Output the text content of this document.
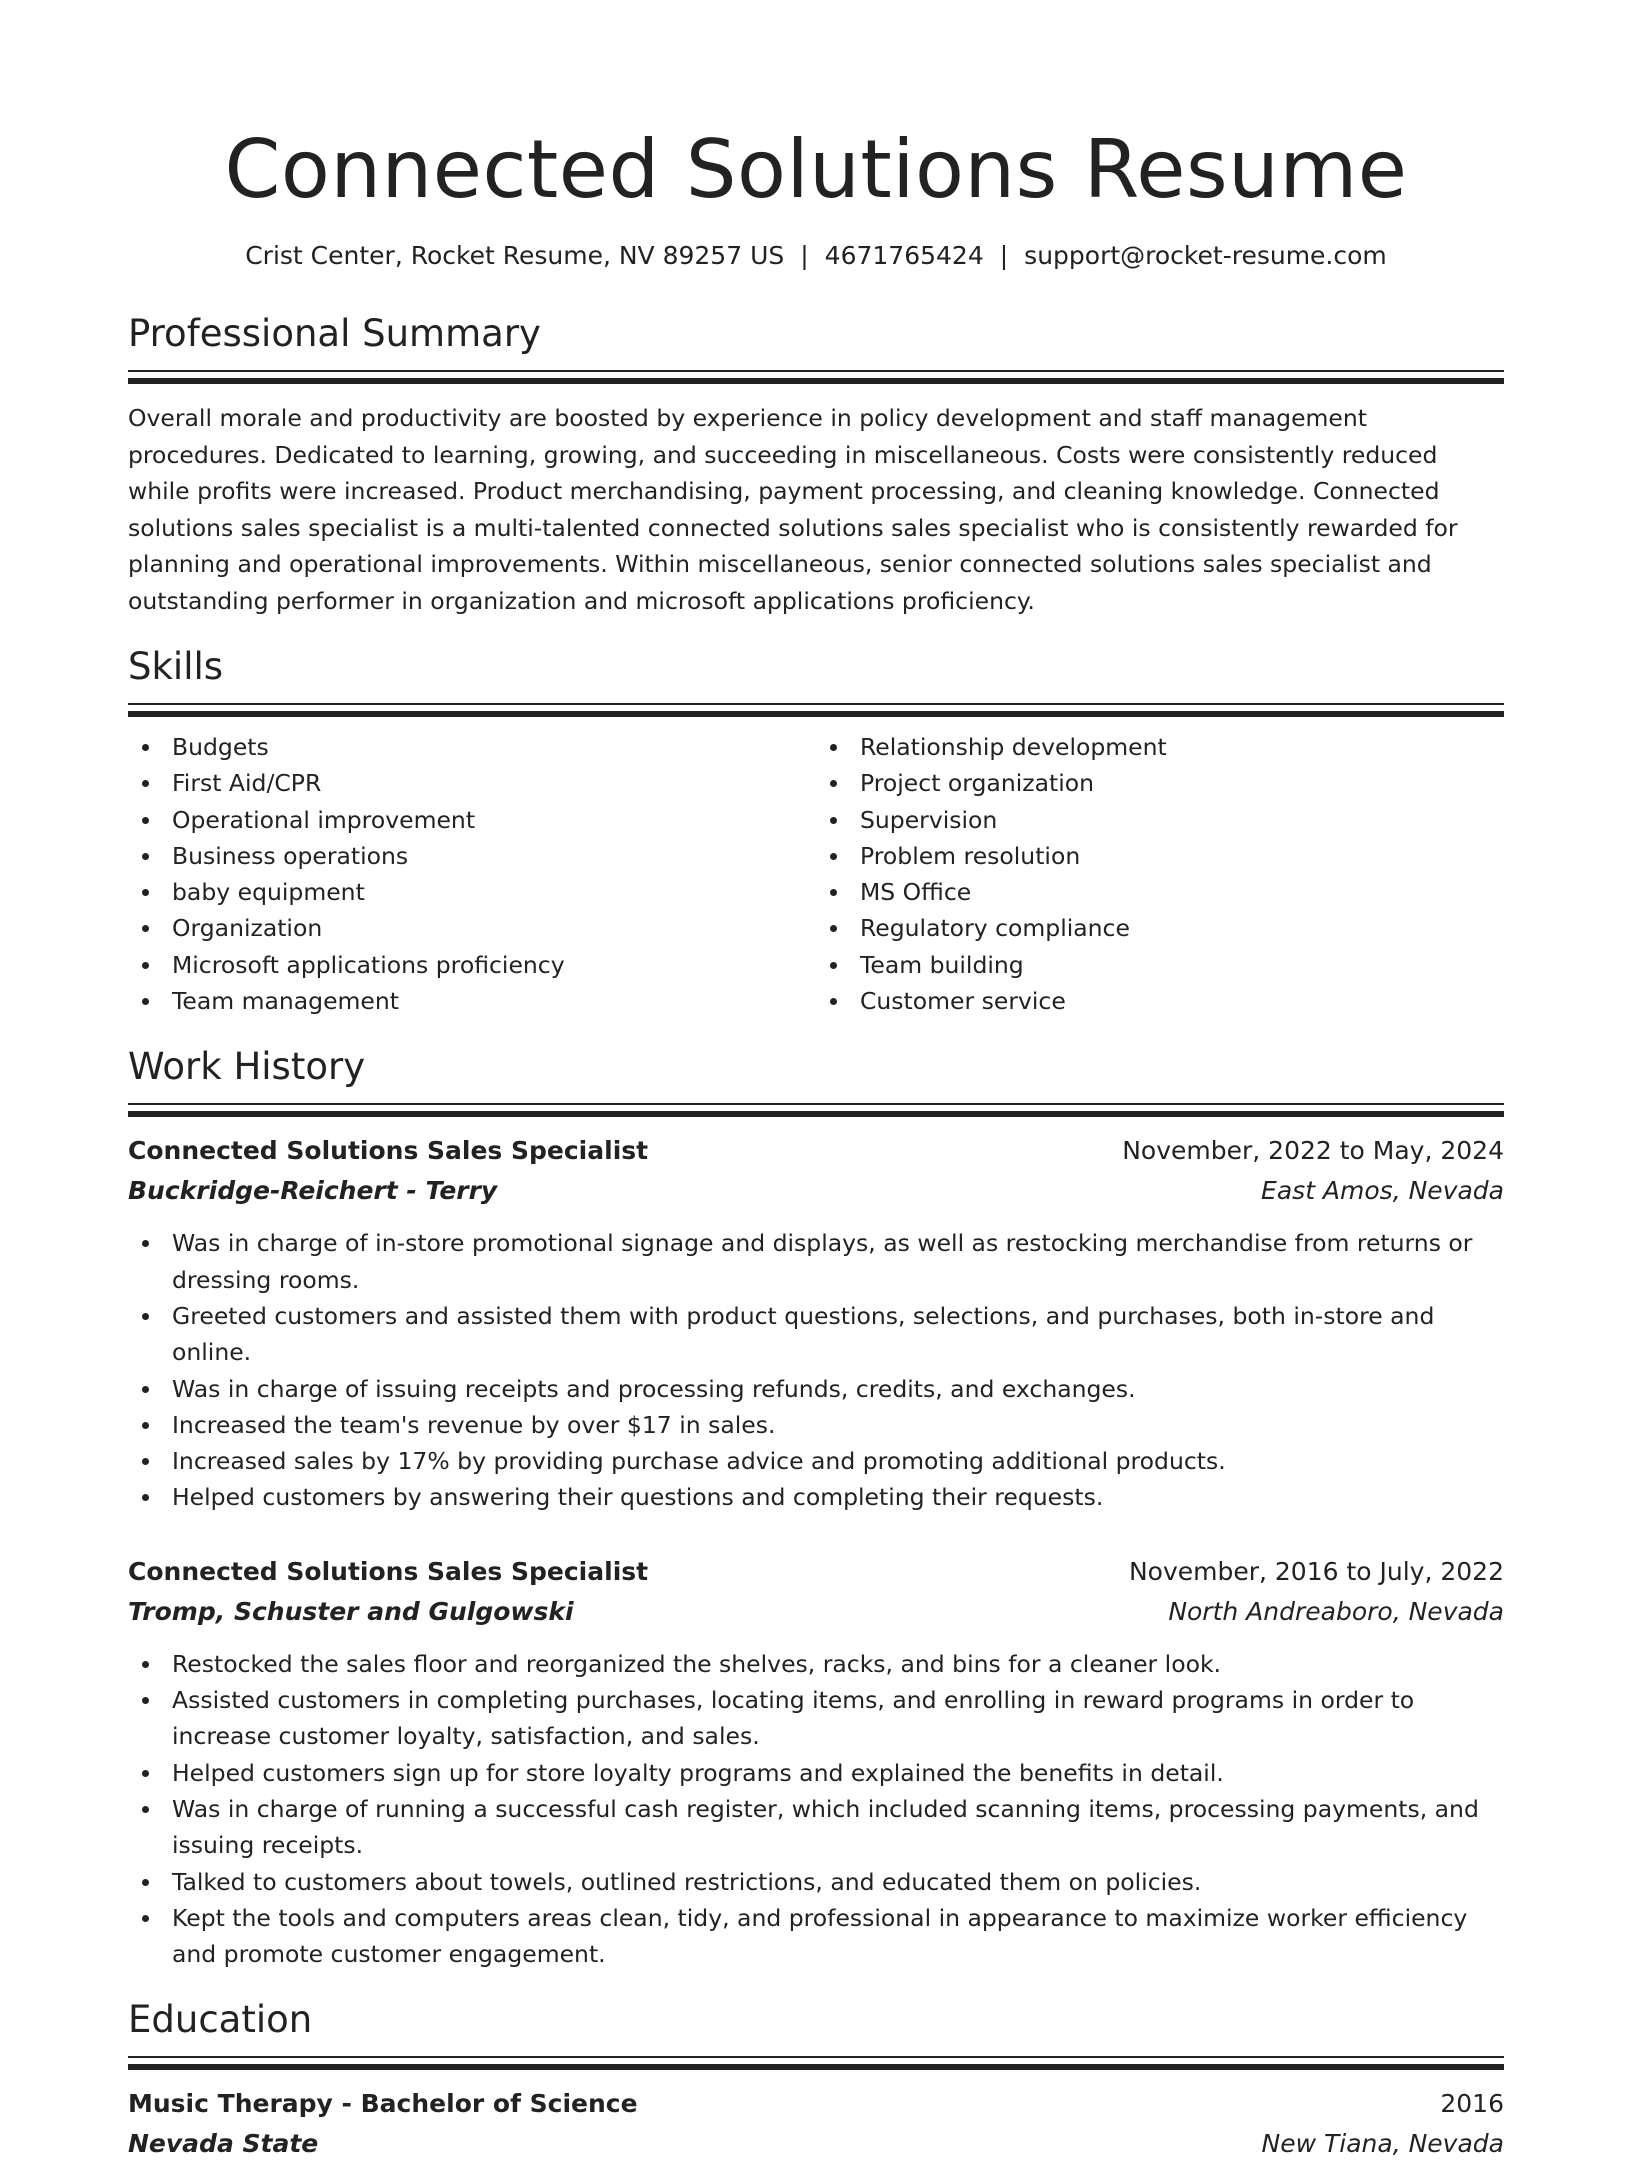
Connected Solutions Resume
Crist Center, Rocket Resume, NV 89257 US | 4671765424 | support@rocket-resume.com
Professional Summary

Overall morale and productivity are boosted by experience in policy development and staff management procedures. Dedicated to learning, growing, and succeeding in miscellaneous. Costs were consistently reduced while profits were increased. Product merchandising, payment processing, and cleaning knowledge. Connected solutions sales specialist is a multi-talented connected solutions sales specialist who is consistently rewarded for planning and operational improvements. Within miscellaneous, senior connected solutions sales specialist and outstanding performer in organization and microsoft applications proficiency.

Skills
Budgets
First Aid/CPR
Operational improvement
Business operations
baby equipment
Organization
Microsoft applications proficiency
Team management
Relationship development
Project organization
Supervision
Problem resolution
MS Office
Regulatory compliance
Team building
Customer service
Work History
Connected Solutions Sales Specialist	November, 2022 to May, 2024
Buckridge-Reichert - Terry	East Amos, Nevada
Was in charge of in-store promotional signage and displays, as well as restocking merchandise from returns or dressing rooms.
Greeted customers and assisted them with product questions, selections, and purchases, both in-store and online.
Was in charge of issuing receipts and processing refunds, credits, and exchanges.
Increased the team's revenue by over $17 in sales.
Increased sales by 17% by providing purchase advice and promoting additional products.
Helped customers by answering their questions and completing their requests.
Connected Solutions Sales Specialist	November, 2016 to July, 2022
Tromp, Schuster and Gulgowski	North Andreaboro, Nevada
Restocked the sales floor and reorganized the shelves, racks, and bins for a cleaner look.
Assisted customers in completing purchases, locating items, and enrolling in reward programs in order to increase customer loyalty, satisfaction, and sales.
Helped customers sign up for store loyalty programs and explained the benefits in detail.
Was in charge of running a successful cash register, which included scanning items, processing payments, and issuing receipts.
Talked to customers about towels, outlined restrictions, and educated them on policies.
Kept the tools and computers areas clean, tidy, and professional in appearance to maximize worker efficiency and promote customer engagement.
Education
Music Therapy - Bachelor of Science	2016
Nevada State	New Tiana, Nevada
